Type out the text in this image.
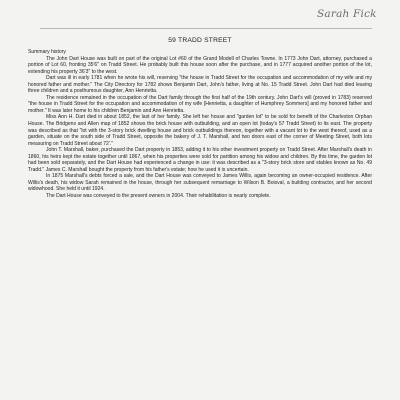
Sarah Fick
59 TRADD STREET

Summary history

The John Dart House was built on part of the original Lot #60 of the Grand Modell of Charles Towne. In 1773 John Dart, attorney, purchased a portion of Lot 60, fronting 35'6" on Tradd Street. He probably built this house soon after the purchase, and in 1777 acquired another portion of the lot, extending his property 36'3" to the west.

Dart was ill in early 1781 when he wrote his will, reserving "the house in Tradd Street for the occupation and accommodation of my wife and my honored father and mother." The City Directory for 1782 shows Benjamin Dart, John's father, living at No. 15 Tradd Street. John Dart had died leaving three children and a posthumous daughter, Ann Henrietta.

The residence remained in the occupation of the Dart family through the first half of the 19th century. John Dart's will (proved in 1783) reserved "the house in Tradd Street for the occupation and accommodation of my wife [Henrietta, a daughter of Humphrey Sommers] and my honored father and mother." It was later home to his children Benjamin and Ann Henrietta.

Miss Ann H. Dart died in about 1852, the last of her family. She left her house and "garden lot" to be sold for benefit of the Charleston Orphan House. The Bridgens and Allen map of 1852 shows the brick house with outbuilding, and an open lot (today's 57 Tradd Street) to its east. The property was described as that "lot with the 3-story brick dwelling house and brick outbuildings thereon, together with a vacant lot to the west thereof, used as a garden, situate on the south side of Tradd Street, opposite the bakery of J. T. Marshall, and two doors east of the corner of Meeting Street, both lots measuring on Tradd Street about 72'."

John T. Marshall, baker, purchased the Dart property in 1853, adding it to his other investment property on Tradd Street. After Marshall's death in 1860, his heirs kept the estate together until 1867, when his properties were sold for partition among his widow and children. By this time, the garden lot had been sold separately, and the Dart House had experienced a change in use: it was described as a "3-story brick store and stables known as No. 49 Tradd." James C. Marshall bought the property from his father's estate; how he used it is uncertain.

In 1875 Marshall's debts forced a sale, and the Dart House was conveyed to James Willis, again becoming an owner-occupied residence. After Willis's death, his widow Sarah remained in the house, through her subsequent remarriage to Wilson B. Boisval, a building contractor, and her second widowhood. She held it until 1924.

The Dart House was conveyed to the present owners in 2004. Their rehabilitation is nearly complete.
